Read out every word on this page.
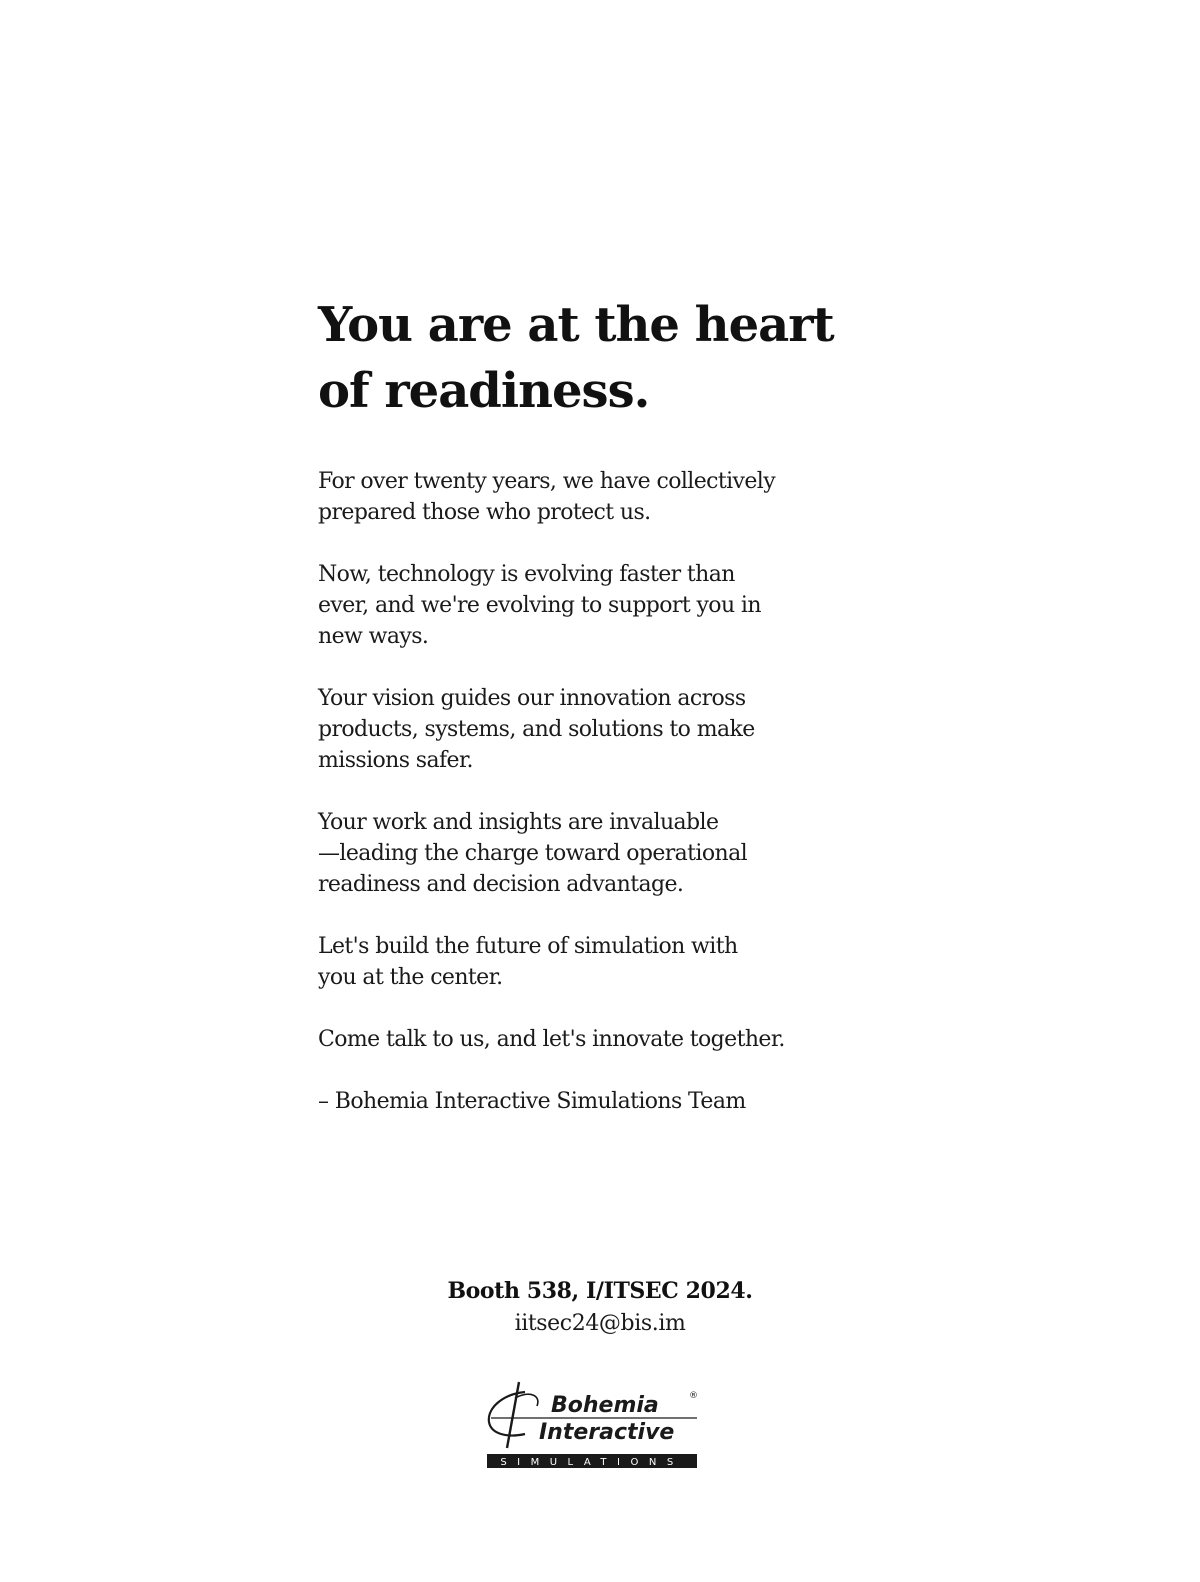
You are at the heart
of readiness.

For over twenty years, we have collectively
prepared those who protect us.

Now, technology is evolving faster than
ever, and we're evolving to support you in
new ways.

Your vision guides our innovation across
products, systems, and solutions to make
missions safer.

Your work and insights are invaluable
—leading the charge toward operational
readiness and decision advantage.

Let's build the future of simulation with
you at the center.

Come talk to us, and let's innovate together.

– Bohemia Interactive Simulations Team

Booth 538, I/ITSEC 2024.
iitsec24@bis.im
Bohemia	®
Interactive
SIMULATIONS
